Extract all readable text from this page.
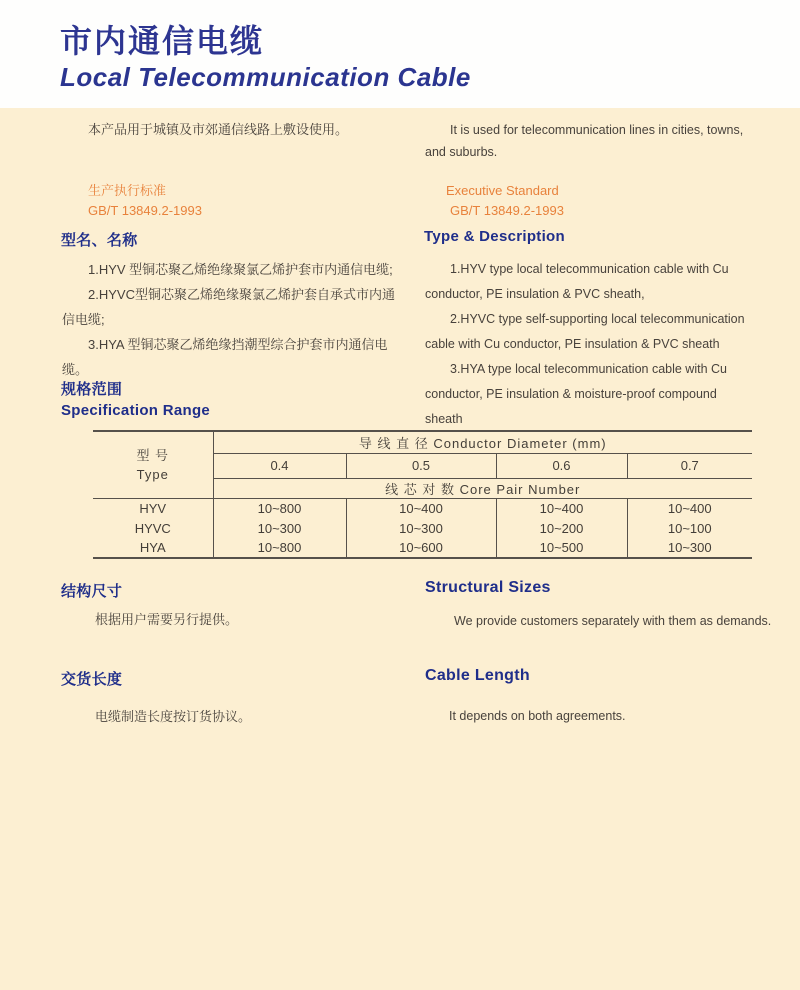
市内通信电缆
Local Telecommunication Cable
本产品用于城镇及市郊通信线路上敷设使用。	It is used for telecommunication lines in cities, towns, and suburbs.
生产执行标准
GB/T 13849.2-1993
Executive Standard
GB/T 13849.2-1993
型名、名称	Type & Description

1.HYV 型铜芯聚乙烯绝缘聚氯乙烯护套市内通信电缆;

2.HYVC型铜芯聚乙烯绝缘聚氯乙烯护套自承式市内通信电缆;

3.HYA 型铜芯聚乙烯绝缘挡潮型综合护套市内通信电缆。

1.HYV type local telecommunication cable with Cu conductor, PE insulation & PVC sheath,

2.HYVC type self-supporting local telecommunication cable with Cu conductor, PE insulation & PVC sheath

3.HYA type local telecommunication cable with Cu conductor, PE insulation & moisture-proof compound sheath

规格范围
Specification Range
型 号
Type	导 线 直 径 Conductor Diameter (mm)			
	0.4	0.5	0.6	0.7
	线 芯 对 数 Core Pair Number			
HYV	10~800	10~400	10~400	10~400
HYVC	10~300	10~300	10~200	10~100
HYA	10~800	10~600	10~500	10~300
结构尺寸	Structural Sizes
根据用户需要另行提供。	We provide customers separately with them as demands.
交货长度	Cable Length
电缆制造长度按订货协议。	It depends on both agreements.
